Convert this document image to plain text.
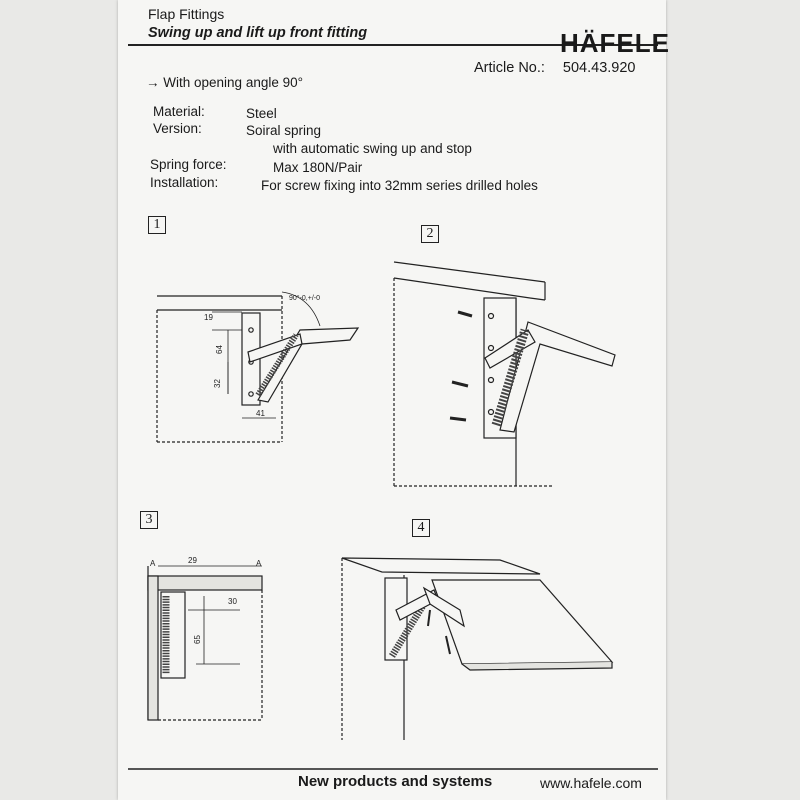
Flap Fittings
Swing up and lift up front fitting	HÄFELE
Article No.: 504.43.920
→ With opening angle 90°
Material:	Steel
Version:	Soiral spring
with automatic swing up and stop
Spring force:	Max 180N/Pair
Installation:	For screw fixing into 32mm series drilled holes
1
2
3
4
19
64
32
41
90°-0,+/-0
29
30
65
A	A
New products and systems	www.hafele.com
